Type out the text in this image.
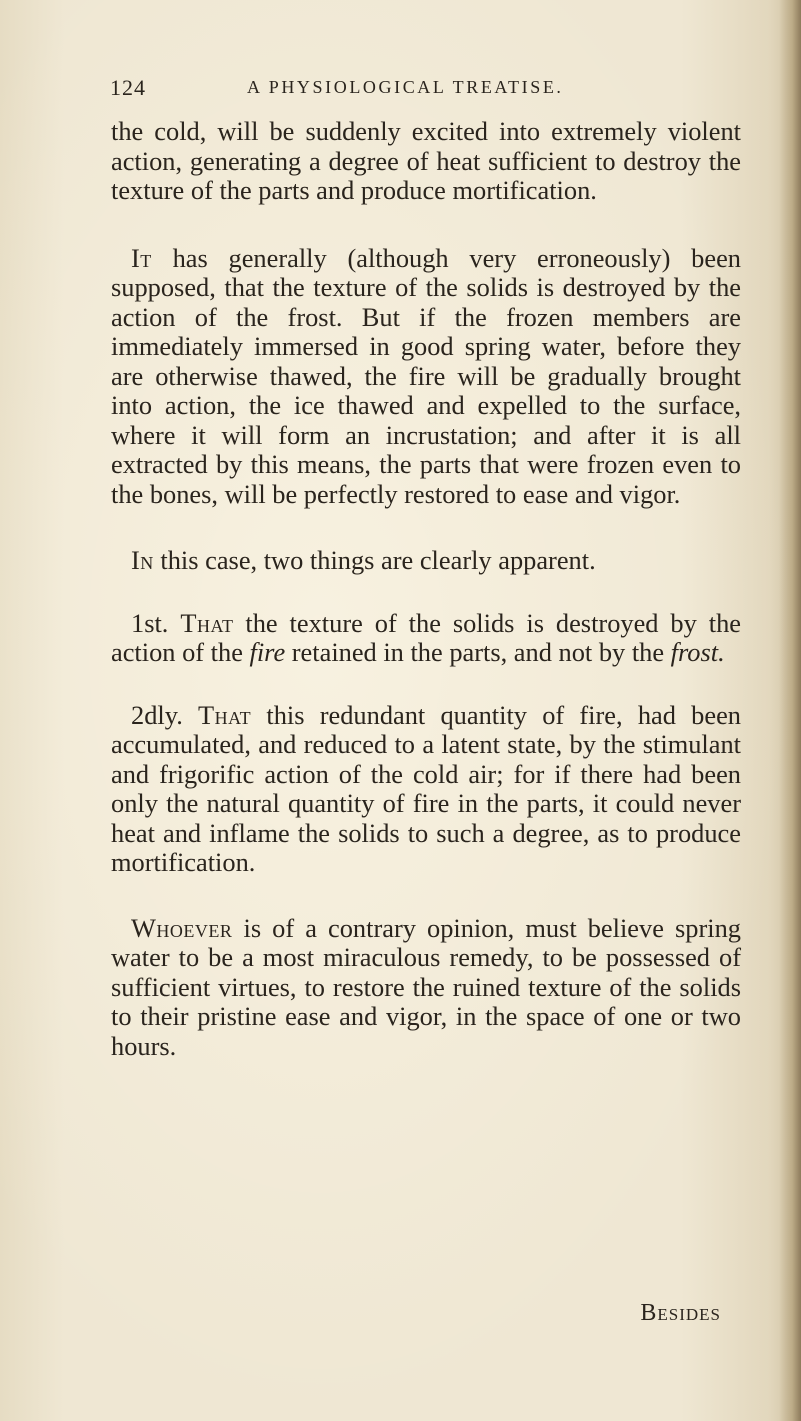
124	A PHYSIOLOGICAL TREATISE.

the cold, will be suddenly excited into extremely violent action, generating a degree of heat sufficient to destroy the texture of the parts and produce mortification.

It has generally (although very erroneously) been supposed, that the texture of the solids is destroyed by the action of the frost. But if the frozen members are immediately immersed in good spring water, before they are otherwise thawed, the fire will be gradually brought into action, the ice thawed and expelled to the surface, where it will form an incrustation; and after it is all extracted by this means, the parts that were frozen even to the bones, will be perfectly restored to ease and vigor.

In this case, two things are clearly apparent.

1st. That the texture of the solids is destroyed by the action of the fire retained in the parts, and not by the frost.

2dly. That this redundant quantity of fire, had been accumulated, and reduced to a latent state, by the stimulant and frigorific action of the cold air; for if there had been only the natural quantity of fire in the parts, it could never heat and inflame the solids to such a degree, as to produce mortification.

Whoever is of a contrary opinion, must believe spring water to be a most miraculous remedy, to be possessed of sufficient virtues, to restore the ruined texture of the solids to their pristine ease and vigor, in the space of one or two hours.

Besides
